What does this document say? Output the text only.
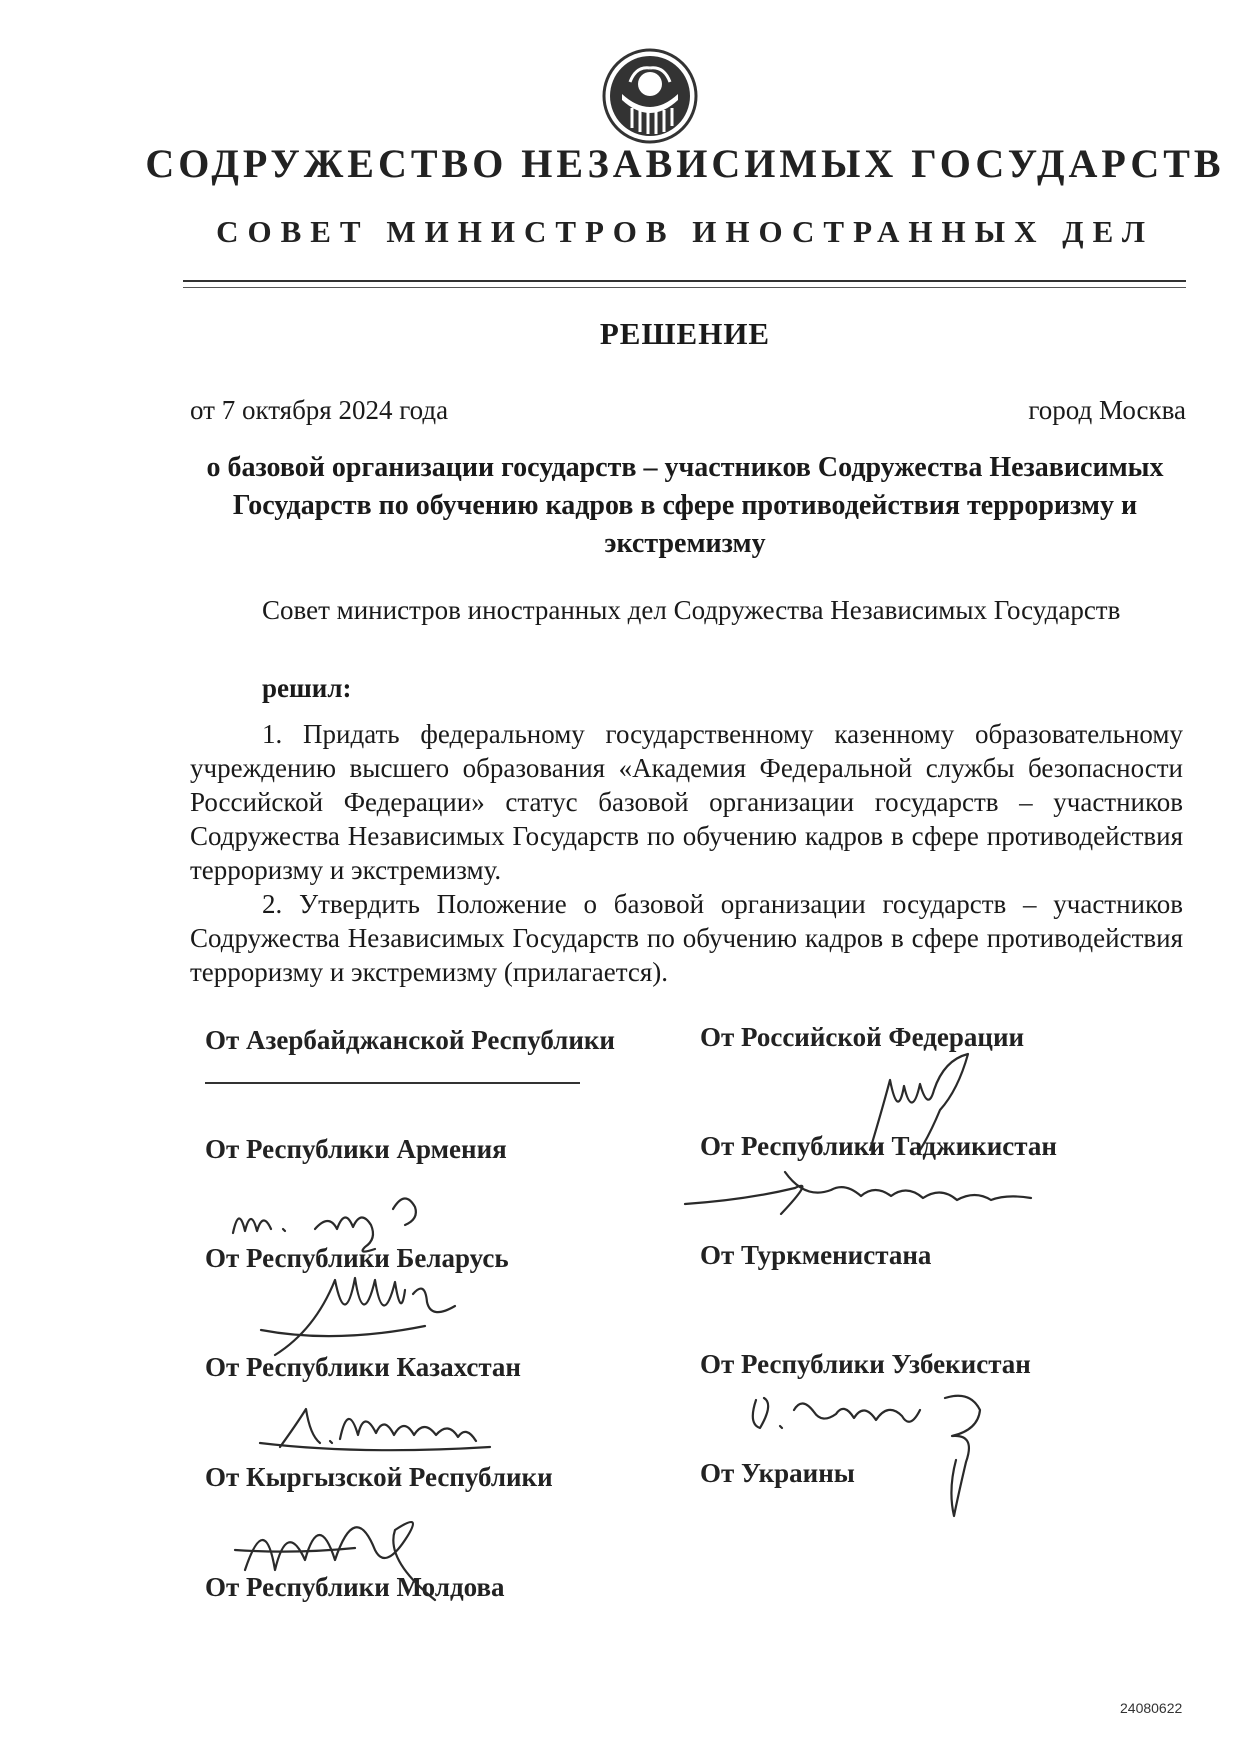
СОДРУЖЕСТВО НЕЗАВИСИМЫХ ГОСУДАРСТВ
СОВЕТ МИНИСТРОВ ИНОСТРАННЫХ ДЕЛ
РЕШЕНИЕ
от 7 октября 2024 года	город Москва
о базовой организации государств – участников Содружества Независимых Государств по обучению кадров в сфере противодействия терроризму и экстремизму

Совет министров иностранных дел Содружества Независимых Государств

решил:

1. Придать федеральному государственному казенному образовательному учреждению высшего образования «Академия Федеральной службы безопасности Российской Федерации» статус базовой организации государств – участников Содружества Независимых Государств по обучению кадров в сфере противодействия терроризму и экстремизму.

2. Утвердить Положение о базовой организации государств – участников Содружества Независимых Государств по обучению кадров в сфере противодействия терроризму и экстремизму (прилагается).

От Азербайджанской Республики
От Республики Армения
От Республики Беларусь
От Республики Казахстан
От Кыргызской Республики
От Республики Молдова
От Российской Федерации
От Республики Таджикистан
От Туркменистана
От Республики Узбекистан
От Украины
24080622
